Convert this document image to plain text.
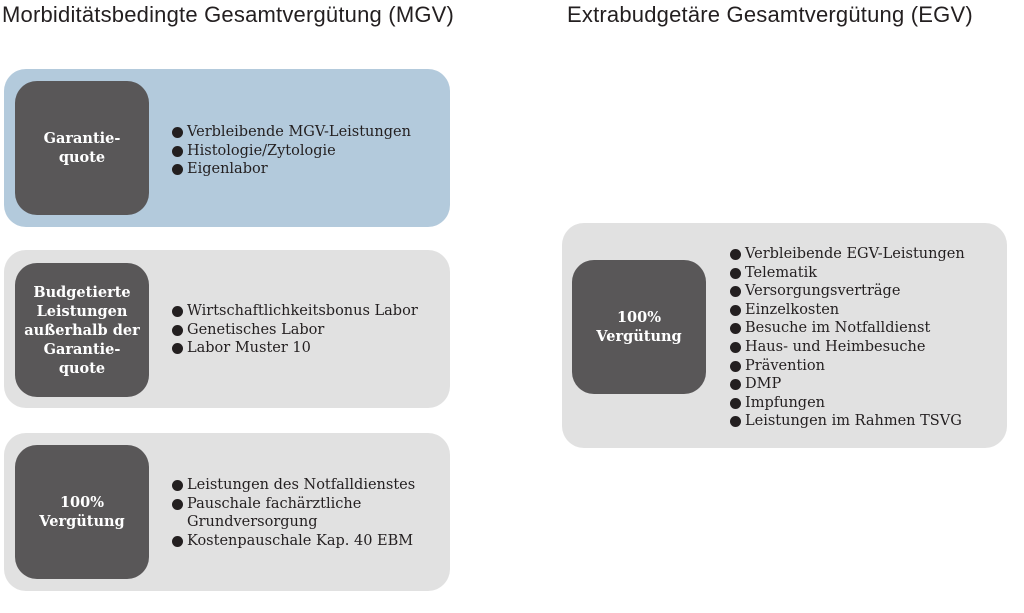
Morbiditätsbedingte Gesamtvergütung (MGV)	Extrabudgetäre Gesamtvergütung (EGV)
Garantie-
quote
Verbleibende MGV-Leistungen
Histologie/Zytologie
Eigenlabor
Budgetierte
Leistungen
außerhalb der
Garantie-
quote
Wirtschaftlichkeitsbonus Labor
Genetisches Labor
Labor Muster 10
100%
Vergütung
Leistungen des Notfalldienstes
Pauschale fachärztliche
Grundversorgung
Kostenpauschale Kap. 40 EBM
100%
Vergütung
Verbleibende EGV-Leistungen
Telematik
Versorgungsverträge
Einzelkosten
Besuche im Notfalldienst
Haus- und Heimbesuche
Prävention
DMP
Impfungen
Leistungen im Rahmen TSVG
